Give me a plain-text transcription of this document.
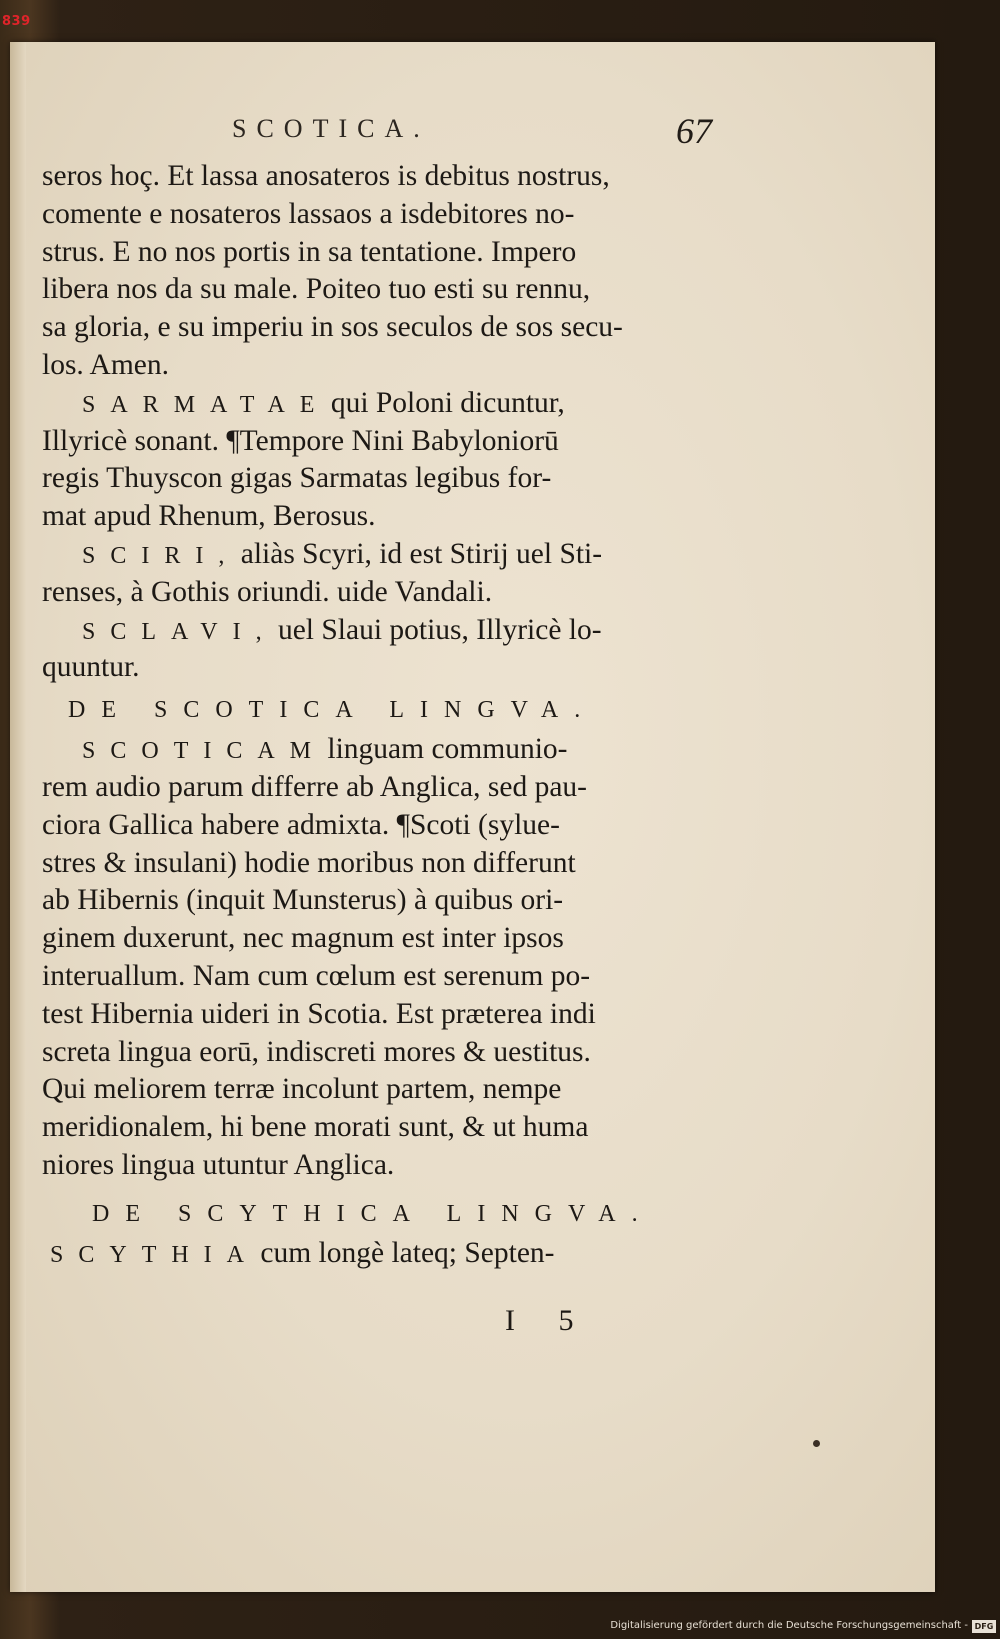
839
SCOTICA.	67
seros hoç. Et lassa anosateros is debitus nostrus,
comente e nosateros lassaos a isdebitores no-
strus. E no nos portis in sa tentatione. Impero
libera nos da su male. Poiteo tuo esti su rennu,
sa gloria, e su imperiu in sos seculos de sos secu-
los. Amen.
SARMATAE qui Poloni dicuntur,
Illyricè sonant. ¶Tempore Nini Babyloniorū
regis Thuyscon gigas Sarmatas legibus for-
mat apud Rhenum, Berosus.
SCIRI, aliàs Scyri, id est Stirij uel Sti-
renses, à Gothis oriundi. uide Vandali.
SCLAVI, uel Slaui potius, Illyricè lo-
quuntur.
DE SCOTICA LINGVA.
SCOTICAM linguam communio-
rem audio parum differre ab Anglica, sed pau-
ciora Gallica habere admixta. ¶Scoti (sylue-
stres & insulani) hodie moribus non differunt
ab Hibernis (inquit Munsterus) à quibus ori-
ginem duxerunt, nec magnum est inter ipsos
interuallum. Nam cum cœlum est serenum po-
test Hibernia uideri in Scotia. Est præterea indi
screta lingua eorū, indiscreti mores & uestitus.
Qui meliorem terræ incolunt partem, nempe
meridionalem, hi bene morati sunt, & ut huma
niores lingua utuntur Anglica.
DE SCYTHICA LINGVA.
SCYTHIA cum longè lateq; Septen-
I 5
Digitalisierung gefördert durch die Deutsche Forschungsgemeinschaft - DFG
